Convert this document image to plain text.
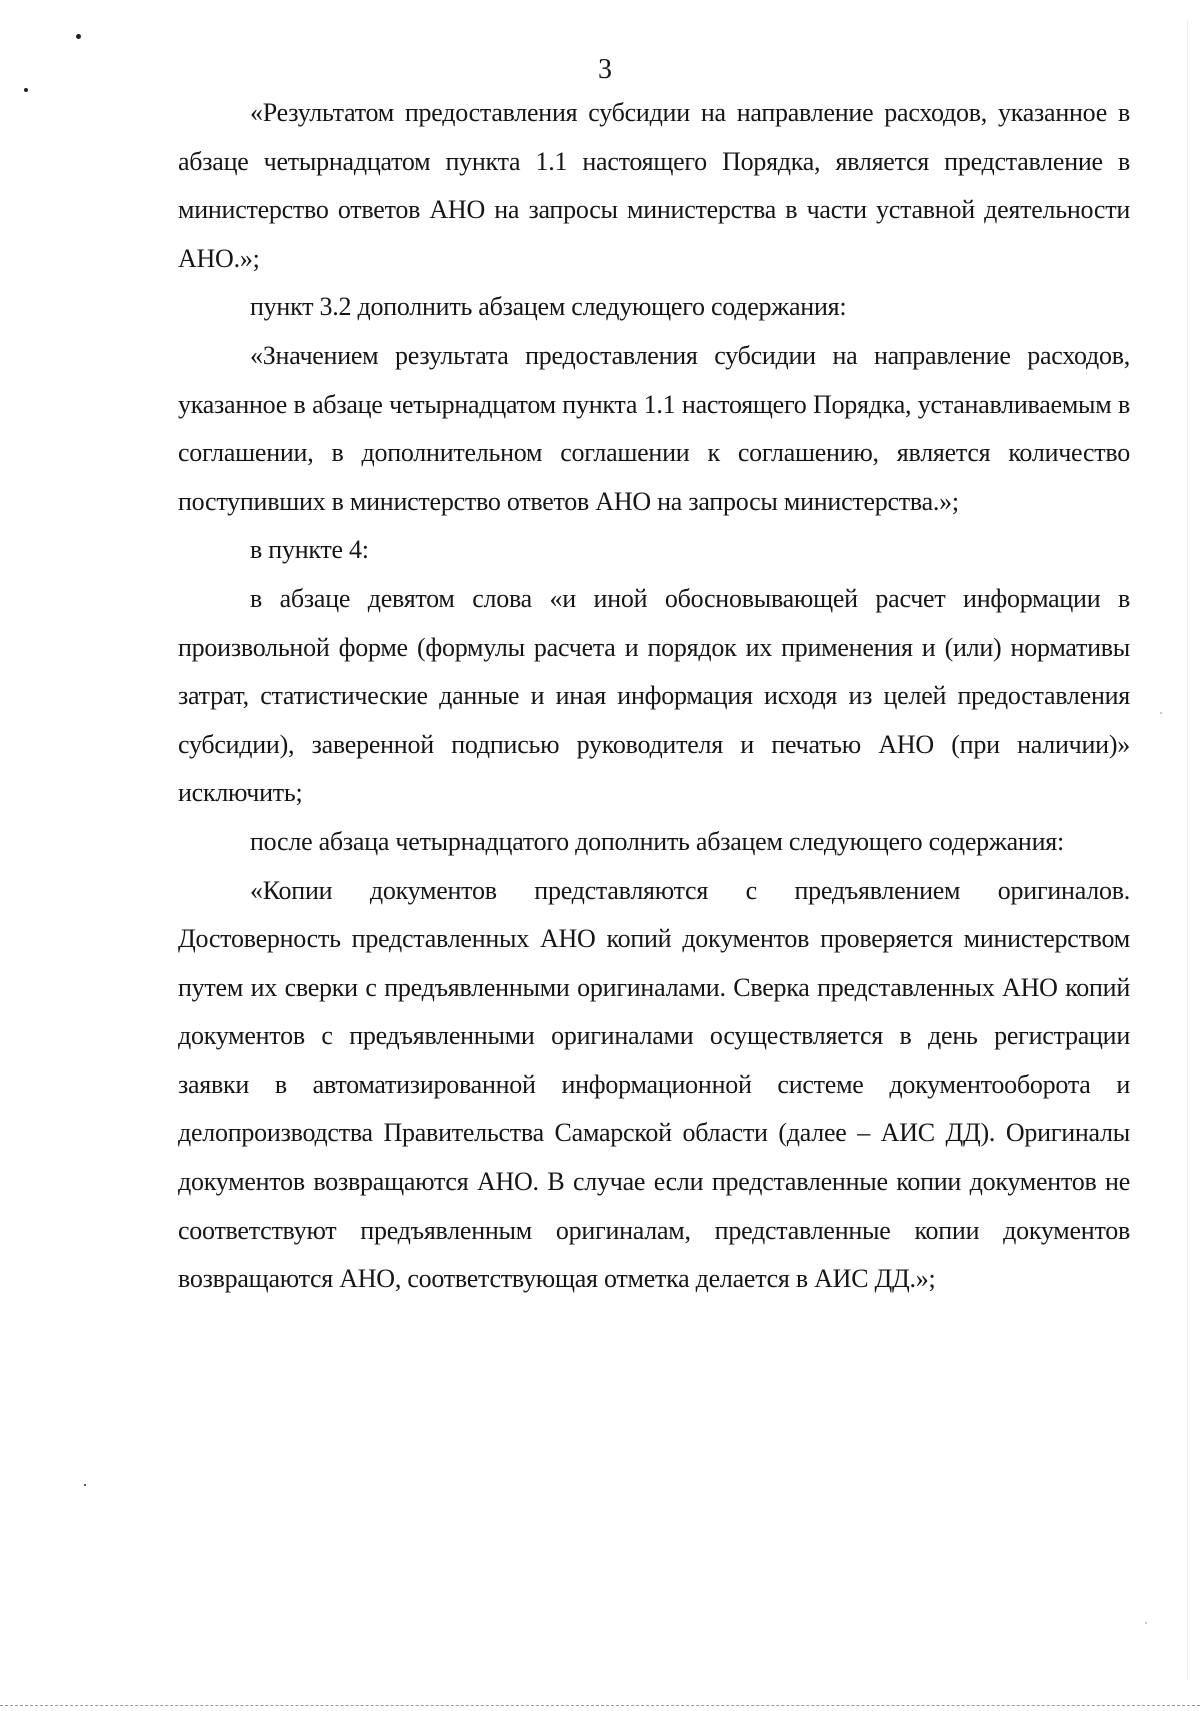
3

«Результатом предоставления субсидии на направление расходов, указанное в абзаце четырнадцатом пункта 1.1 настоящего Порядка, является представление в министерство ответов АНО на запросы министерства в части уставной деятельности АНО.»;

пункт 3.2 дополнить абзацем следующего содержания:

«Значением результата предоставления субсидии на направление расходов, указанное в абзаце четырнадцатом пункта 1.1 настоящего Порядка, устанавливаемым в соглашении, в дополнительном соглашении к соглашению, является количество поступивших в министерство ответов АНО на запросы министерства.»;

в пункте 4:

в абзаце девятом слова «и иной обосновывающей расчет информации в произвольной форме (формулы расчета и порядок их применения и (или) нормативы затрат, статистические данные и иная информация исходя из целей предоставления субсидии), заверенной подписью руководителя и печатью АНО (при наличии)» исключить;

после абзаца четырнадцатого дополнить абзацем следующего содержания:

«Копии документов представляются с предъявлением оригиналов. Достоверность представленных АНО копий документов проверяется министерством путем их сверки с предъявленными оригиналами. Сверка представленных АНО копий документов с предъявленными оригиналами осуществляется в день регистрации заявки в автоматизированной информационной системе документооборота и делопроизводства Правительства Самарской области (далее – АИС ДД). Оригиналы документов возвращаются АНО. В случае если представленные копии документов не соответствуют предъявленным оригиналам, представленные копии документов возвращаются АНО, соответствующая отметка делается в АИС ДД.»;
